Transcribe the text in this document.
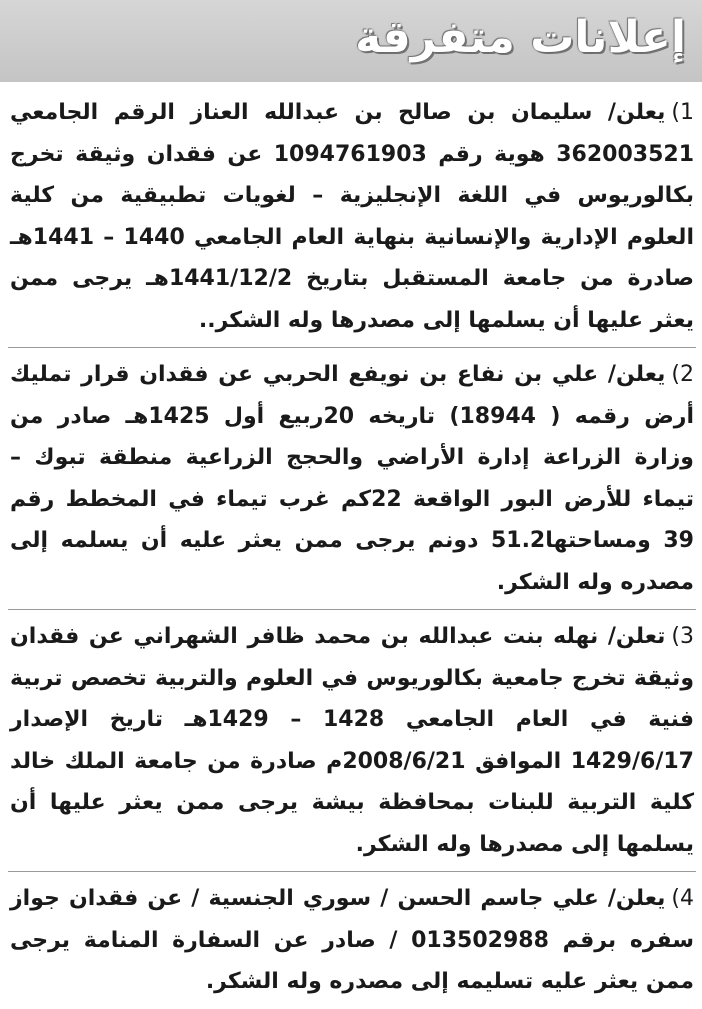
إعلانات متفرقة
1)يعلن/ سليمان بن صالح بن عبدالله العناز الرقم الجامعي 362003521 هوية رقم 1094761903 عن فقدان وثيقة تخرج بكالوريوس في اللغة الإنجليزية – لغويات تطبيقية من كلية العلوم الإدارية والإنسانية بنهاية العام الجامعي 1440 – 1441هـ صادرة من جامعة المستقبل بتاريخ 1441/12/2هـ يرجى ممن يعثر عليها أن يسلمها إلى مصدرها وله الشكر..
2)يعلن/ علي بن نفاع بن نويفع الحربي عن فقدان قرار تمليك أرض رقمه ( 18944) تاريخه 20ربيع أول 1425هـ صادر من وزارة الزراعة إدارة الأراضي والحجج الزراعية منطقة تبوك – تيماء للأرض البور الواقعة 22كم غرب تيماء في المخطط رقم 39 ومساحتها51.2 دونم يرجى ممن يعثر عليه أن يسلمه إلى مصدره وله الشكر.
3)تعلن/ نهله بنت عبدالله بن محمد ظافر الشهراني عن فقدان وثيقة تخرج جامعية بكالوريوس في العلوم والتربية تخصص تربية فنية في العام الجامعي 1428 – 1429هـ تاريخ الإصدار 1429/6/17 الموافق 2008/6/21م صادرة من جامعة الملك خالد كلية التربية للبنات بمحافظة بيشة يرجى ممن يعثر عليها أن يسلمها إلى مصدرها وله الشكر.
4)يعلن/ علي جاسم الحسن / سوري الجنسية / عن فقدان جواز سفره برقم 013502988 / صادر عن السفارة المنامة يرجى ممن يعثر عليه تسليمه إلى مصدره وله الشكر.
